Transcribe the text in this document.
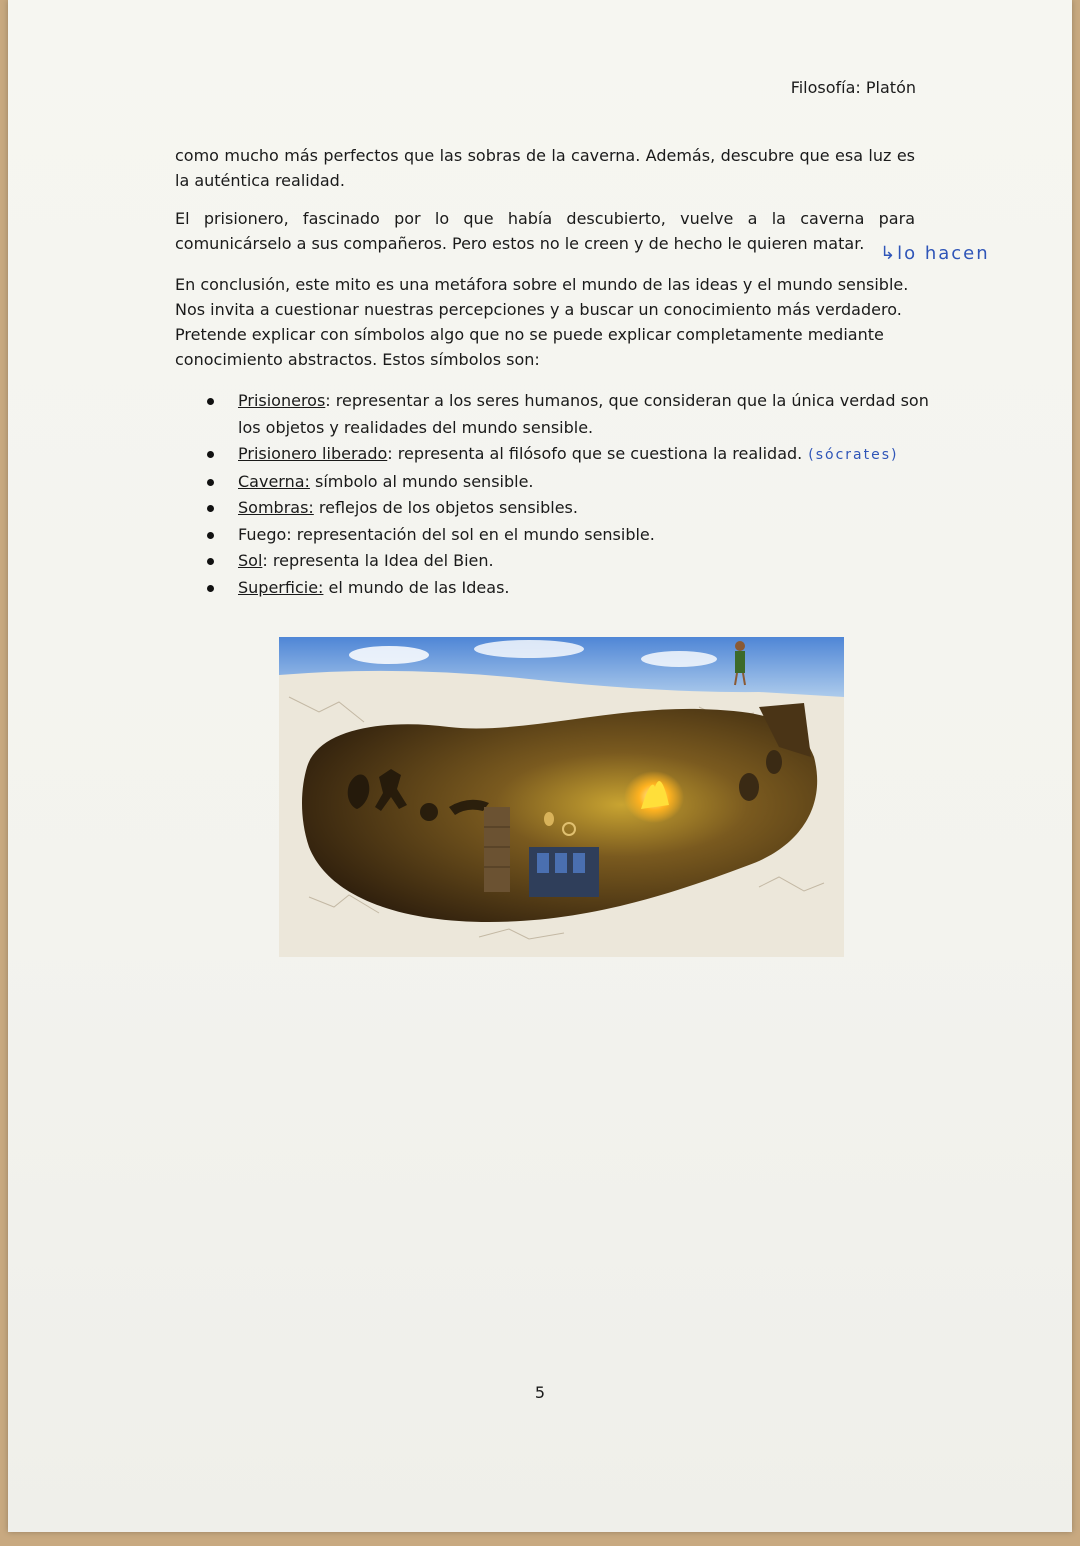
Filosofía: Platón

como mucho más perfectos que las sobras de la caverna. Además, descubre que esa luz es la auténtica realidad.

El prisionero, fascinado por lo que había descubierto, vuelve a la caverna para comunicárselo a sus compañeros. Pero estos no le creen y de hecho le quieren matar. ↳lo hacen

En conclusión, este mito es una metáfora sobre el mundo de las ideas y el mundo sensible. Nos invita a cuestionar nuestras percepciones y a buscar un conocimiento más verdadero. Pretende explicar con símbolos algo que no se puede explicar completamente mediante conocimiento abstractos. Estos símbolos son:

Prisioneros: representar a los seres humanos, que consideran que la única verdad son los objetos y realidades del mundo sensible.
Prisionero liberado: representa al filósofo que se cuestiona la realidad. (sócrates)
Caverna: símbolo al mundo sensible.
Sombras: reflejos de los objetos sensibles.
Fuego: representación del sol en el mundo sensible.
Sol: representa la Idea del Bien.
Superficie: el mundo de las Ideas.
5
